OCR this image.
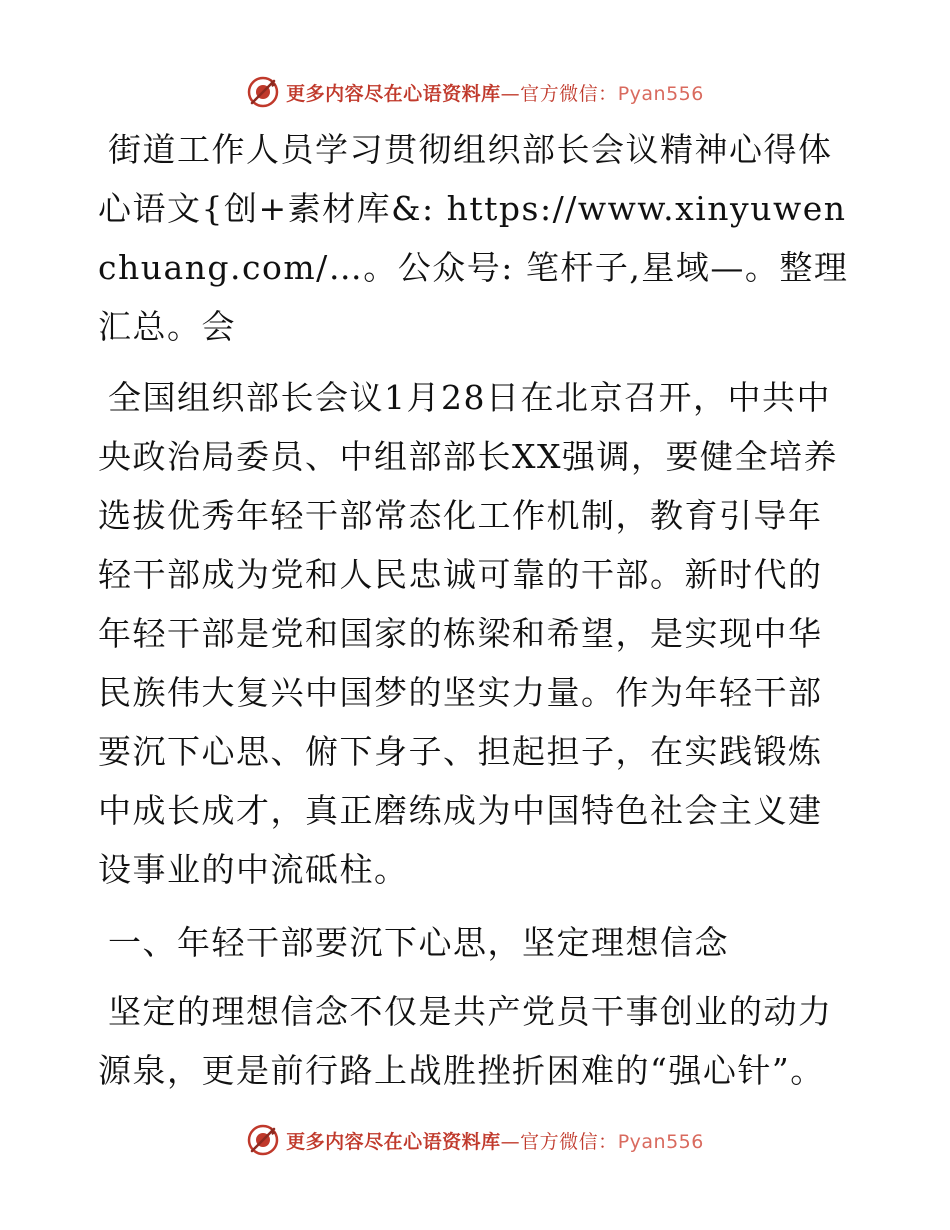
更多内容尽在心语资料库—官方微信：Pyan556

街道工作人员学习贯彻组织部长会议精神心得体心语文{创+素材库&: https://www.xinyuwenchuang.com/…。公众号: 笔杆子,星域—。整理汇总。会

全国组织部长会议1月28日在北京召开，中共中央政治局委员、中组部部长XX强调，要健全培养选拔优秀年轻干部常态化工作机制，教育引导年轻干部成为党和人民忠诚可靠的干部。新时代的年轻干部是党和国家的栋梁和希望，是实现中华民族伟大复兴中国梦的坚实力量。作为年轻干部要沉下心思、俯下身子、担起担子，在实践锻炼中成长成才，真正磨练成为中国特色社会主义建设事业的中流砥柱。

一、年轻干部要沉下心思，坚定理想信念

坚定的理想信念不仅是共产党员干事创业的动力源泉，更是前行路上战胜挫折困难的“强心针”。

更多内容尽在心语资料库—官方微信：Pyan556
